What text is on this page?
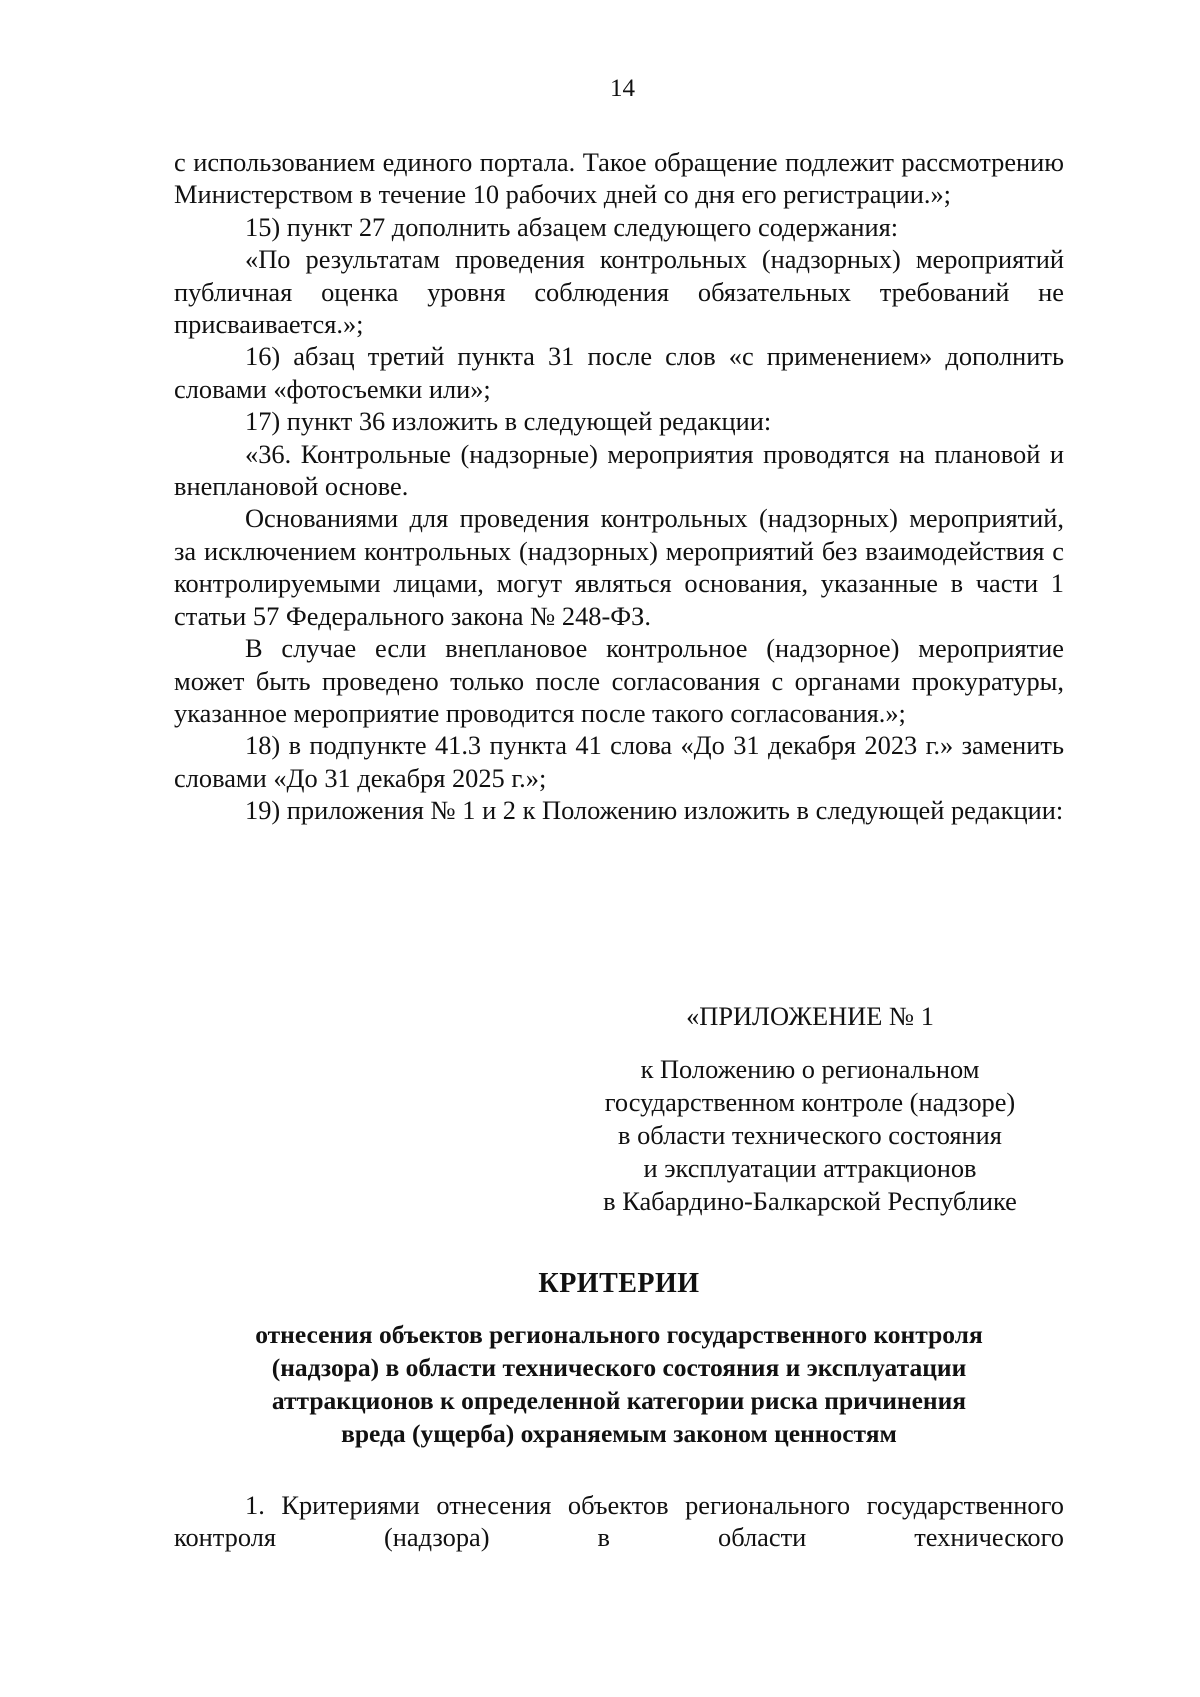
14

с использованием единого портала. Такое обращение подлежит рассмотрению Министерством в течение 10 рабочих дней со дня его регистрации.»;

15) пункт 27 дополнить абзацем следующего содержания:

«По результатам проведения контрольных (надзорных) мероприятий публичная оценка уровня соблюдения обязательных требований не присваивается.»;

16) абзац третий пункта 31 после слов «с применением» дополнить словами «фотосъемки или»;

17) пункт 36 изложить в следующей редакции:

«36. Контрольные (надзорные) мероприятия проводятся на плановой и внеплановой основе.

Основаниями для проведения контрольных (надзорных) мероприятий, за исключением контрольных (надзорных) мероприятий без взаимодействия с контролируемыми лицами, могут являться основания, указанные в части 1 статьи 57 Федерального закона № 248-ФЗ.

В случае если внеплановое контрольное (надзорное) мероприятие может быть проведено только после согласования с органами прокуратуры, указанное мероприятие проводится после такого согласования.»;

18) в подпункте 41.3 пункта 41 слова «До 31 декабря 2023 г.» заменить словами «До 31 декабря 2025 г.»;

19) приложения № 1 и 2 к Положению изложить в следующей редакции:

«ПРИЛОЖЕНИЕ № 1

к Положению о региональном

государственном контроле (надзоре)

в области технического состояния

и эксплуатации аттракционов

в Кабардино-Балкарской Республике

КРИТЕРИИ

отнесения объектов регионального государственного контроля

(надзора) в области технического состояния и эксплуатации

аттракционов к определенной категории риска причинения

вреда (ущерба) охраняемым законом ценностям

1. Критериями отнесения объектов регионального государственного контроля (надзора) в области технического
